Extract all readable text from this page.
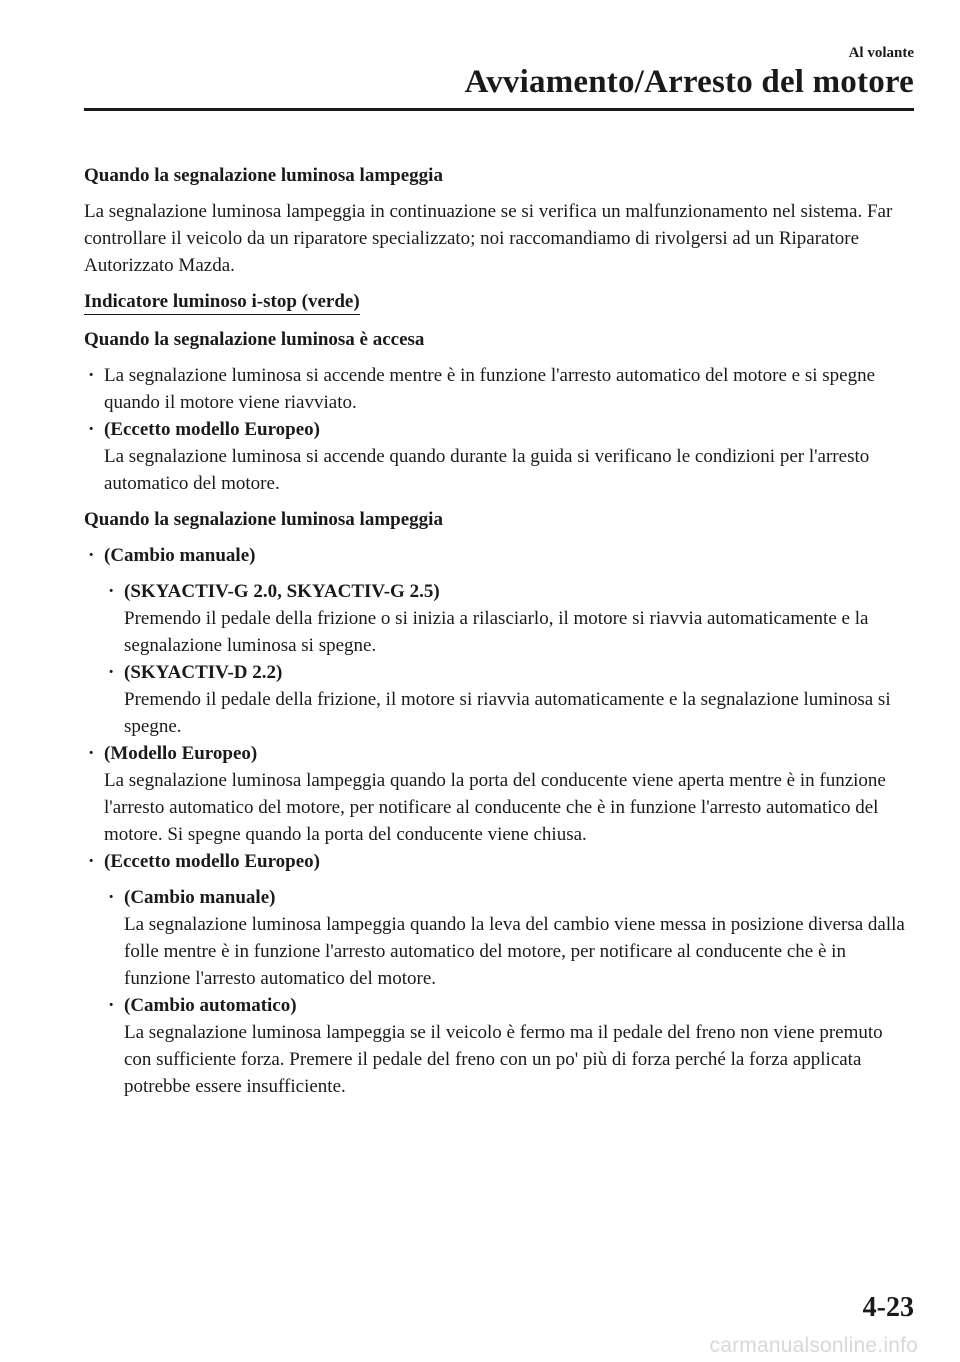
Al volante
Avviamento/Arresto del motore
Quando la segnalazione luminosa lampeggia
La segnalazione luminosa lampeggia in continuazione se si verifica un malfunzionamento nel sistema. Far controllare il veicolo da un riparatore specializzato; noi raccomandiamo di rivolgersi ad un Riparatore Autorizzato Mazda.
Indicatore luminoso i-stop (verde)
Quando la segnalazione luminosa è accesa
· La segnalazione luminosa si accende mentre è in funzione l'arresto automatico del motore e si spegne quando il motore viene riavviato.
· (Eccetto modello Europeo)
La segnalazione luminosa si accende quando durante la guida si verificano le condizioni per l'arresto automatico del motore.
Quando la segnalazione luminosa lampeggia
· (Cambio manuale)
· (SKYACTIV-G 2.0, SKYACTIV-G 2.5)
Premendo il pedale della frizione o si inizia a rilasciarlo, il motore si riavvia automaticamente e la segnalazione luminosa si spegne.
· (SKYACTIV-D 2.2)
Premendo il pedale della frizione, il motore si riavvia automaticamente e la segnalazione luminosa si spegne.
· (Modello Europeo)
La segnalazione luminosa lampeggia quando la porta del conducente viene aperta mentre è in funzione l'arresto automatico del motore, per notificare al conducente che è in funzione l'arresto automatico del motore. Si spegne quando la porta del conducente viene chiusa.
· (Eccetto modello Europeo)
· (Cambio manuale)
La segnalazione luminosa lampeggia quando la leva del cambio viene messa in posizione diversa dalla folle mentre è in funzione l'arresto automatico del motore, per notificare al conducente che è in funzione l'arresto automatico del motore.
· (Cambio automatico)
La segnalazione luminosa lampeggia se il veicolo è fermo ma il pedale del freno non viene premuto con sufficiente forza. Premere il pedale del freno con un po' più di forza perché la forza applicata potrebbe essere insufficiente.
4-23
carmanualsonline.info
